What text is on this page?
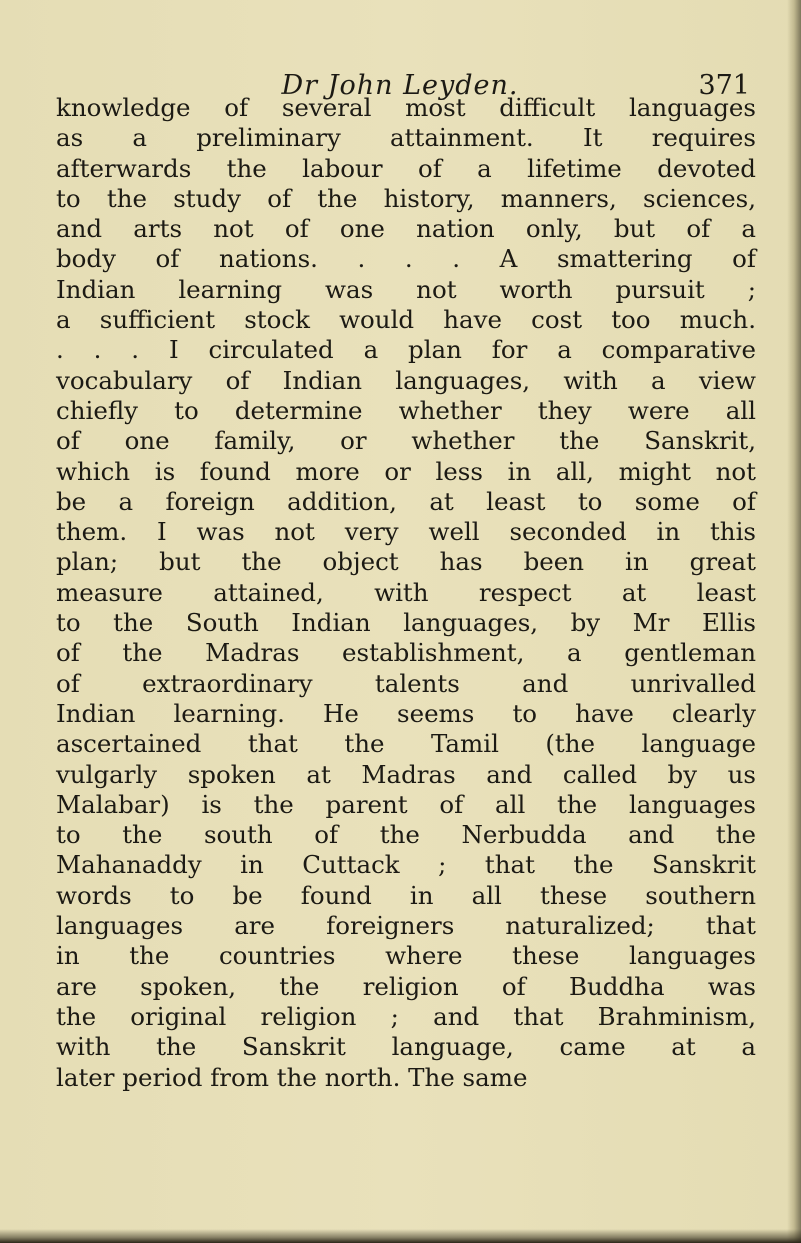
Dr John Leyden.	371
knowledge of several most difficult languages
as a preliminary attainment. It requires
afterwards the labour of a lifetime devoted
to the study of the history, manners, sciences,
and arts not of one nation only, but of a
body of nations. . . . A smattering of
Indian learning was not worth pursuit ;
a sufficient stock would have cost too much.
. . . I circulated a plan for a comparative
vocabulary of Indian languages, with a view
chiefly to determine whether they were all
of one family, or whether the Sanskrit,
which is found more or less in all, might not
be a foreign addition, at least to some of
them. I was not very well seconded in this
plan; but the object has been in great
measure attained, with respect at least
to the South Indian languages, by Mr Ellis
of the Madras establishment, a gentleman
of extraordinary talents and unrivalled
Indian learning. He seems to have clearly
ascertained that the Tamil (the language
vulgarly spoken at Madras and called by us
Malabar) is the parent of all the languages
to the south of the Nerbudda and the
Mahanaddy in Cuttack ; that the Sanskrit
words to be found in all these southern
languages are foreigners naturalized; that
in the countries where these languages
are spoken, the religion of Buddha was
the original religion ; and that Brahminism,
with the Sanskrit language, came at a
later period from the north. The same
